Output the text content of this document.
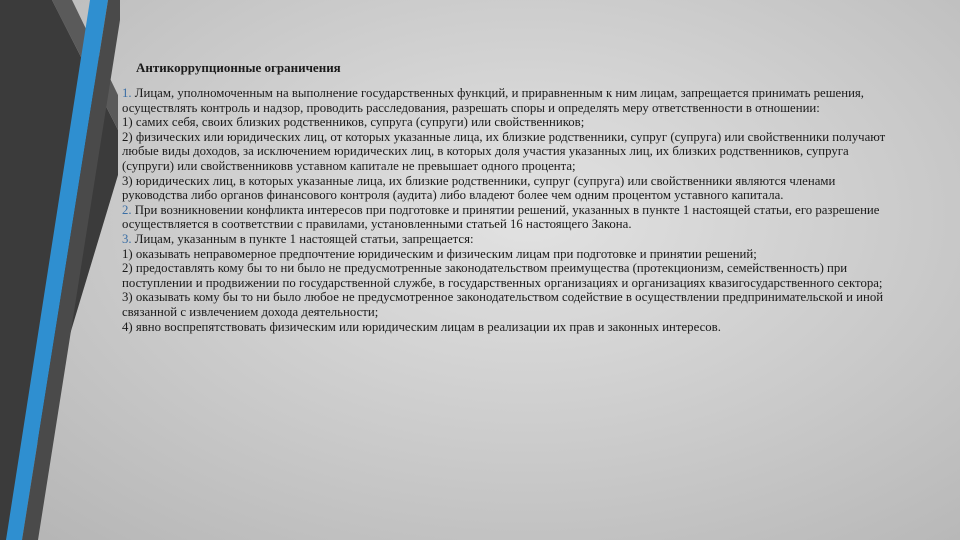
Антикоррупционные ограничения

1. Лицам, уполномоченным на выполнение государственных функций, и приравненным к ним лицам, запрещается принимать решения, осуществлять контроль и надзор, проводить расследования, разрешать споры и определять меру ответственности в отношении:

1) самих себя, своих близких родственников, супруга (супруги) или свойственников;

2) физических или юридических лиц, от которых указанные лица, их близкие родственники, супруг (супруга) или свойственники получают любые виды доходов, за исключением юридических лиц, в которых доля участия указанных лиц, их близких родственников, супруга (супруги) или свойственниковв уставном капитале не превышает одного процента;

3) юридических лиц, в которых указанные лица, их близкие родственники, супруг (супруга) или свойственники являются членами руководства либо органов финансового контроля (аудита) либо владеют более чем одним процентом уставного капитала.

2. При возникновении конфликта интересов при подготовке и принятии решений, указанных в пункте 1 настоящей статьи, его разрешение осуществляется в соответствии с правилами, установленными статьей 16 настоящего Закона.

3. Лицам, указанным в пункте 1 настоящей статьи, запрещается:

1) оказывать неправомерное предпочтение юридическим и физическим лицам при подготовке и принятии решений;

2) предоставлять кому бы то ни было не предусмотренные законодательством преимущества (протекционизм, семейственность) при поступлении и продвижении по государственной службе, в государственных организациях и организациях квазигосударственного сектора;

3) оказывать кому бы то ни было любое не предусмотренное законодательством содействие в осуществлении предпринимательской и иной связанной с извлечением дохода деятельности;

4) явно воспрепятствовать физическим или юридическим лицам в реализации их прав и законных интересов.
